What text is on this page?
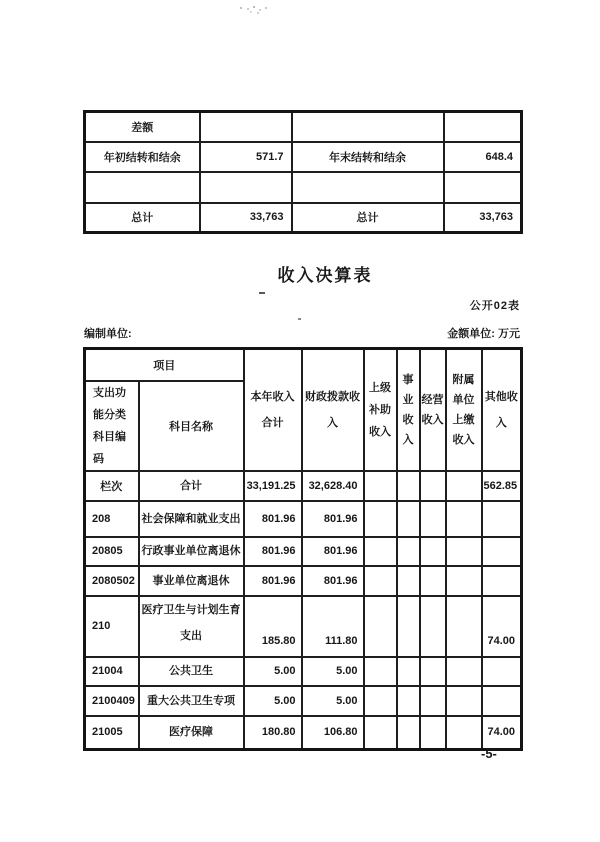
差额			
年初结转和结余	571.7	年末结转和结余	648.4

总计	33,763	总计	33,763
收入决算表
公开02表
编制单位:	金额单位: 万元
项目		本年收入合计	财政拨款收入	上级补助收入	事业收入	经营收入	附属单位上缴收入	其他收入
支出功能分类科目编码	科目名称							
栏次	合计	33,191.25	32,628.40					562.85
208	社会保障和就业支出	801.96	801.96					
20805	行政事业单位离退休	801.96	801.96					
2080502	事业单位离退休	801.96	801.96					
210	医疗卫生与计划生育支出	185.80	111.80					74.00
21004	公共卫生	5.00	5.00					
2100409	重大公共卫生专项	5.00	5.00					
21005	医疗保障	180.80	106.80					74.00
-5-
